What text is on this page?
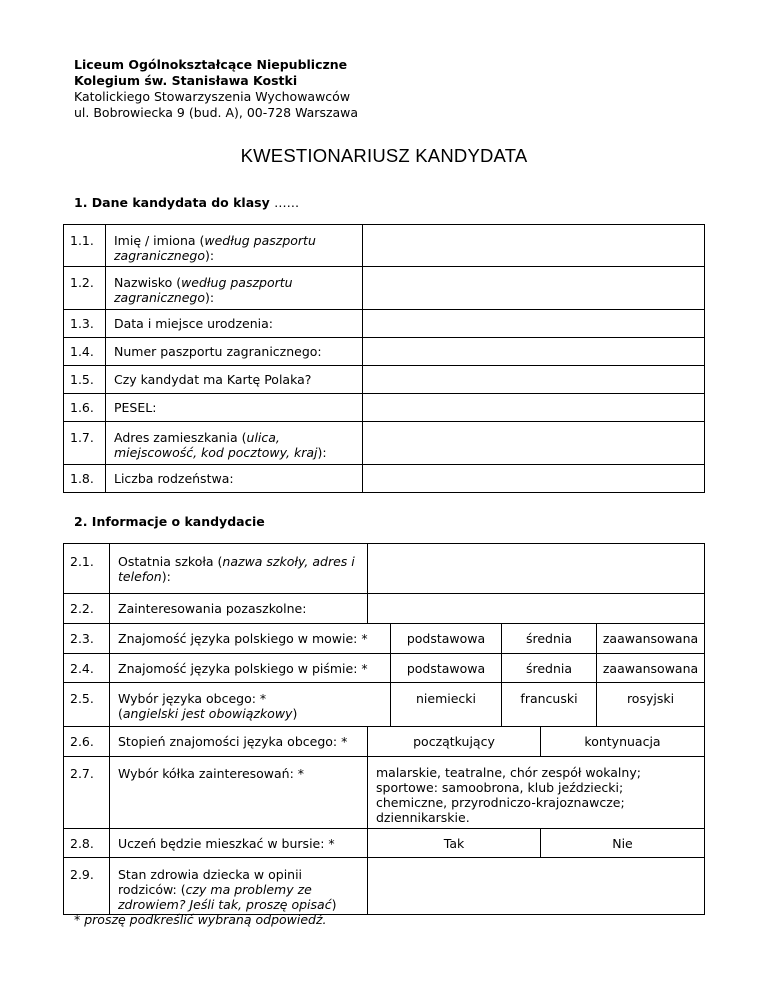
Liceum Ogólnokształcące Niepubliczne
Kolegium św. Stanisława Kostki
Katolickiego Stowarzyszenia Wychowawców
ul. Bobrowiecka 9 (bud. A), 00-728 Warszawa
KWESTIONARIUSZ KANDYDATA
1. Dane kandydata do klasy ……
1.1.	Imię / imiona (według paszportu zagranicznego):	
1.2.	Nazwisko (według paszportu zagranicznego):	
1.3.	Data i miejsce urodzenia:	
1.4.	Numer paszportu zagranicznego:	
1.5.	Czy kandydat ma Kartę Polaka?	
1.6.	PESEL:	
1.7.	Adres zamieszkania (ulica, miejscowość, kod pocztowy, kraj):	
1.8.	Liczba rodzeństwa:	
2. Informacje o kandydacie
2.1.	Ostatnia szkoła (nazwa szkoły, adres i telefon):	
2.2.	Zainteresowania pozaszkolne:	
2.3.	Znajomość języka polskiego w mowie: *	podstawowa	średnia	zaawansowana
2.4.	Znajomość języka polskiego w piśmie: *	podstawowa	średnia	zaawansowana
2.5.	Wybór języka obcego: *
(angielski jest obowiązkowy)	niemiecki	francuski	rosyjski
2.6.	Stopień znajomości języka obcego: *	początkujący	kontynuacja
2.7.	Wybór kółka zainteresowań: *	malarskie, teatralne, chór zespół wokalny; sportowe: samoobrona, klub jeździecki; chemiczne, przyrodniczo-krajoznawcze; dziennikarskie.	
2.8.	Uczeń będzie mieszkać w bursie: *	Tak	Nie
2.9.	Stan zdrowia dziecka w opinii rodziców: (czy ma problemy ze zdrowiem? Jeśli tak, proszę opisać)		
* proszę podkreślić wybraną odpowiedź.
